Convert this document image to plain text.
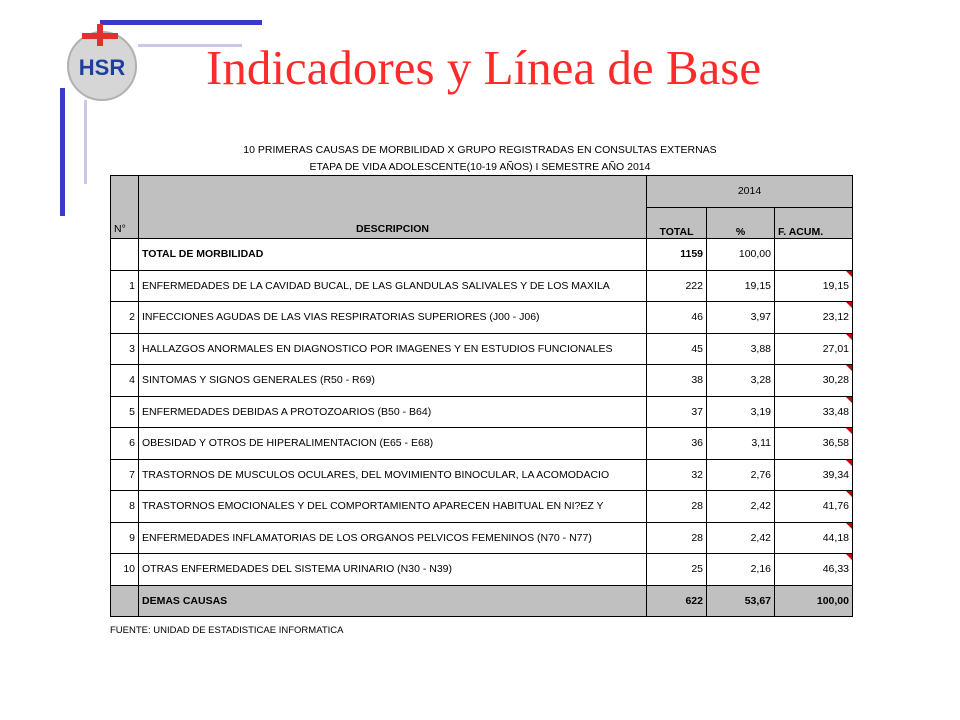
HSR Indicadores y Línea de Base
10 PRIMERAS CAUSAS DE MORBILIDAD X GRUPO REGISTRADAS EN CONSULTAS EXTERNAS
ETAPA DE VIDA ADOLESCENTE(10-19 AÑOS) I SEMESTRE AÑO 2014
N°	DESCRIPCION	2014		
		TOTAL	%	F. ACUM.
	TOTAL DE MORBILIDAD	1159	100,00	
1	ENFERMEDADES DE LA CAVIDAD BUCAL, DE LAS GLANDULAS SALIVALES Y DE LOS MAXILA	222	19,15	19,15

2	INFECCIONES AGUDAS DE LAS VIAS RESPIRATORIAS SUPERIORES (J00 - J06)	46	3,97	23,12

3	HALLAZGOS ANORMALES EN DIAGNOSTICO POR IMAGENES Y EN ESTUDIOS FUNCIONALES	45	3,88	27,01

4	SINTOMAS Y SIGNOS GENERALES (R50 - R69)	38	3,28	30,28

5	ENFERMEDADES DEBIDAS A PROTOZOARIOS (B50 - B64)	37	3,19	33,48

6	OBESIDAD Y OTROS DE HIPERALIMENTACION (E65 - E68)	36	3,11	36,58

7	TRASTORNOS DE MUSCULOS OCULARES, DEL MOVIMIENTO BINOCULAR, LA ACOMODACIO	32	2,76	39,34

8	TRASTORNOS EMOCIONALES Y DEL COMPORTAMIENTO APARECEN HABITUAL EN NI?EZ Y	28	2,42	41,76

9	ENFERMEDADES INFLAMATORIAS DE LOS ORGANOS PELVICOS FEMENINOS (N70 - N77)	28	2,42	44,18

10	OTRAS ENFERMEDADES DEL SISTEMA URINARIO (N30 - N39)	25	2,16	46,33

	DEMAS CAUSAS	622	53,67	100,00
FUENTE: UNIDAD DE ESTADISTICAE INFORMATICA
